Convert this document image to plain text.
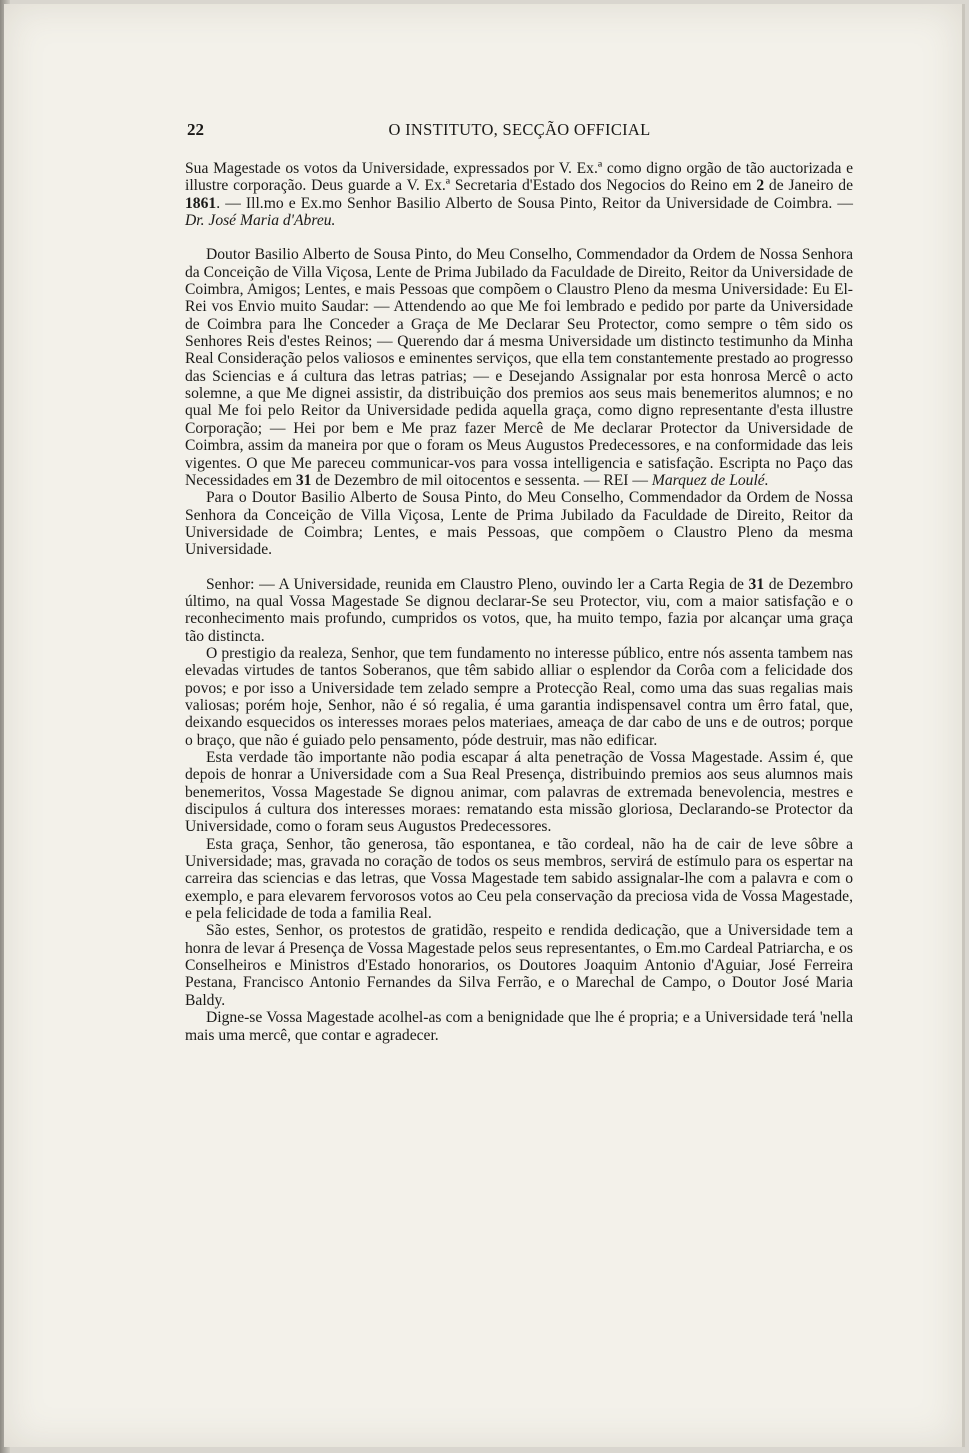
22	O INSTITUTO, SECÇÃO OFFICIAL

Sua Magestade os votos da Universidade, expressados por V. Ex.ª como digno orgão de tão auctorizada e illustre corporação. Deus guarde a V. Ex.ª Secretaria d'Estado dos Negocios do Reino em 2 de Janeiro de 1861. — Ill.mo e Ex.mo Senhor Basilio Alberto de Sousa Pinto, Reitor da Universidade de Coimbra. — Dr. José Maria d'Abreu.

Doutor Basilio Alberto de Sousa Pinto, do Meu Conselho, Commendador da Ordem de Nossa Senhora da Conceição de Villa Viçosa, Lente de Prima Jubilado da Faculdade de Direito, Reitor da Universidade de Coimbra, Amigos; Lentes, e mais Pessoas que compõem o Claustro Pleno da mesma Universidade: Eu El-Rei vos Envio muito Saudar: — Attendendo ao que Me foi lembrado e pedido por parte da Universidade de Coimbra para lhe Conceder a Graça de Me Declarar Seu Protector, como sempre o têm sido os Senhores Reis d'estes Reinos; — Querendo dar á mesma Universidade um distincto testimunho da Minha Real Consideração pelos valiosos e eminentes serviços, que ella tem constantemente prestado ao progresso das Sciencias e á cultura das letras patrias; — e Desejando Assignalar por esta honrosa Mercê o acto solemne, a que Me dignei assistir, da distribuição dos premios aos seus mais benemeritos alumnos; e no qual Me foi pelo Reitor da Universidade pedida aquella graça, como digno representante d'esta illustre Corporação; — Hei por bem e Me praz fazer Mercê de Me declarar Protector da Universidade de Coimbra, assim da maneira por que o foram os Meus Augustos Predecessores, e na conformidade das leis vigentes. O que Me pareceu communicar-vos para vossa intelligencia e satisfação. Escripta no Paço das Necessidades em 31 de Dezembro de mil oitocentos e sessenta. — REI — Marquez de Loulé.

Para o Doutor Basilio Alberto de Sousa Pinto, do Meu Conselho, Commendador da Ordem de Nossa Senhora da Conceição de Villa Viçosa, Lente de Prima Jubilado da Faculdade de Direito, Reitor da Universidade de Coimbra; Lentes, e mais Pessoas, que compõem o Claustro Pleno da mesma Universidade.

Senhor: — A Universidade, reunida em Claustro Pleno, ouvindo ler a Carta Regia de 31 de Dezembro último, na qual Vossa Magestade Se dignou declarar-Se seu Protector, viu, com a maior satisfação e o reconhecimento mais profundo, cumpridos os votos, que, ha muito tempo, fazia por alcançar uma graça tão distincta.

O prestigio da realeza, Senhor, que tem fundamento no interesse público, entre nós assenta tambem nas elevadas virtudes de tantos Soberanos, que têm sabido alliar o esplendor da Corôa com a felicidade dos povos; e por isso a Universidade tem zelado sempre a Protecção Real, como uma das suas regalias mais valiosas; porém hoje, Senhor, não é só regalia, é uma garantia indispensavel contra um êrro fatal, que, deixando esquecidos os interesses moraes pelos materiaes, ameaça de dar cabo de uns e de outros; porque o braço, que não é guiado pelo pensamento, póde destruir, mas não edificar.

Esta verdade tão importante não podia escapar á alta penetração de Vossa Magestade. Assim é, que depois de honrar a Universidade com a Sua Real Presença, distribuindo premios aos seus alumnos mais benemeritos, Vossa Magestade Se dignou animar, com palavras de extremada benevolencia, mestres e discipulos á cultura dos interesses moraes: rematando esta missão gloriosa, Declarando-se Protector da Universidade, como o foram seus Augustos Predecessores.

Esta graça, Senhor, tão generosa, tão espontanea, e tão cordeal, não ha de cair de leve sôbre a Universidade; mas, gravada no coração de todos os seus membros, servirá de estímulo para os espertar na carreira das sciencias e das letras, que Vossa Magestade tem sabido assignalar-lhe com a palavra e com o exemplo, e para elevarem fervorosos votos ao Ceu pela conservação da preciosa vida de Vossa Magestade, e pela felicidade de toda a familia Real.

São estes, Senhor, os protestos de gratidão, respeito e rendida dedicação, que a Universidade tem a honra de levar á Presença de Vossa Magestade pelos seus representantes, o Em.mo Cardeal Patriarcha, e os Conselheiros e Ministros d'Estado honorarios, os Doutores Joaquim Antonio d'Aguiar, José Ferreira Pestana, Francisco Antonio Fernandes da Silva Ferrão, e o Marechal de Campo, o Doutor José Maria Baldy.

Digne-se Vossa Magestade acolhel-as com a benignidade que lhe é propria; e a Universidade terá 'nella mais uma mercê, que contar e agradecer.
